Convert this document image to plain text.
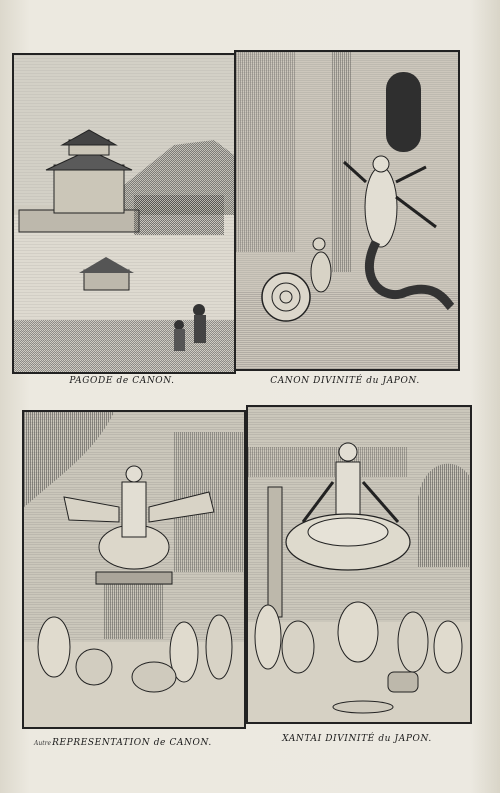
PAGODE de CANON.	CANON DIVINITÉ du JAPON.
Autre REPRESENTATION de CANON.	XANTAI DIVINITÉ du JAPON.
